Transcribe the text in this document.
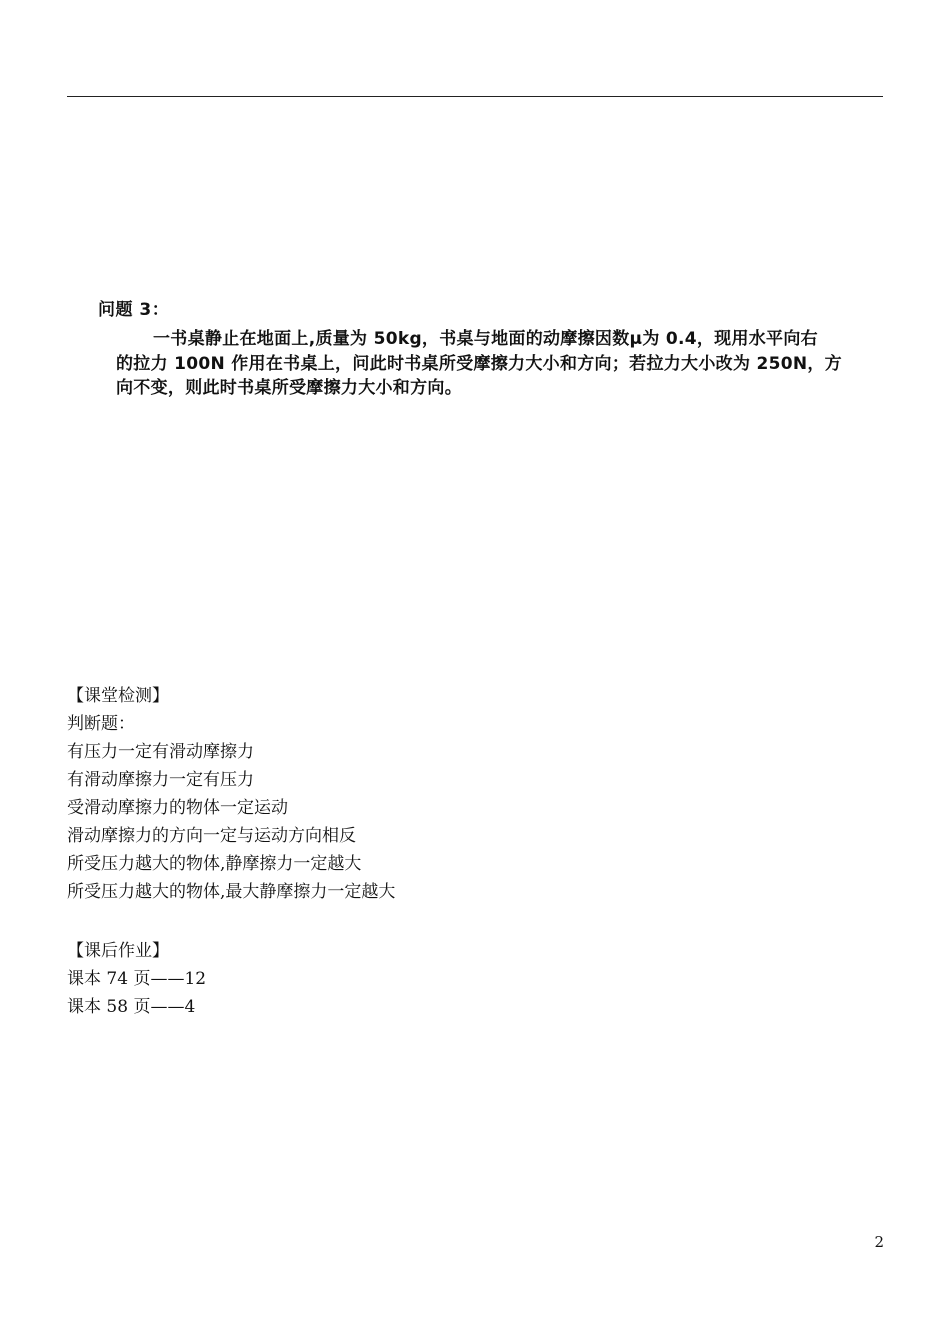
问题 3：
一书桌静止在地面上,质量为 50kg，书桌与地面的动摩擦因数μ为 0.4，现用水平向右
的拉力 100N 作用在书桌上，问此时书桌所受摩擦力大小和方向；若拉力大小改为 250N，方
向不变，则此时书桌所受摩擦力大小和方向。
【课堂检测】
判断题：
有压力一定有滑动摩擦力
有滑动摩擦力一定有压力
受滑动摩擦力的物体一定运动
滑动摩擦力的方向一定与运动方向相反
所受压力越大的物体,静摩擦力一定越大
所受压力越大的物体,最大静摩擦力一定越大
【课后作业】
课本 74 页——12
课本 58 页——4
2
